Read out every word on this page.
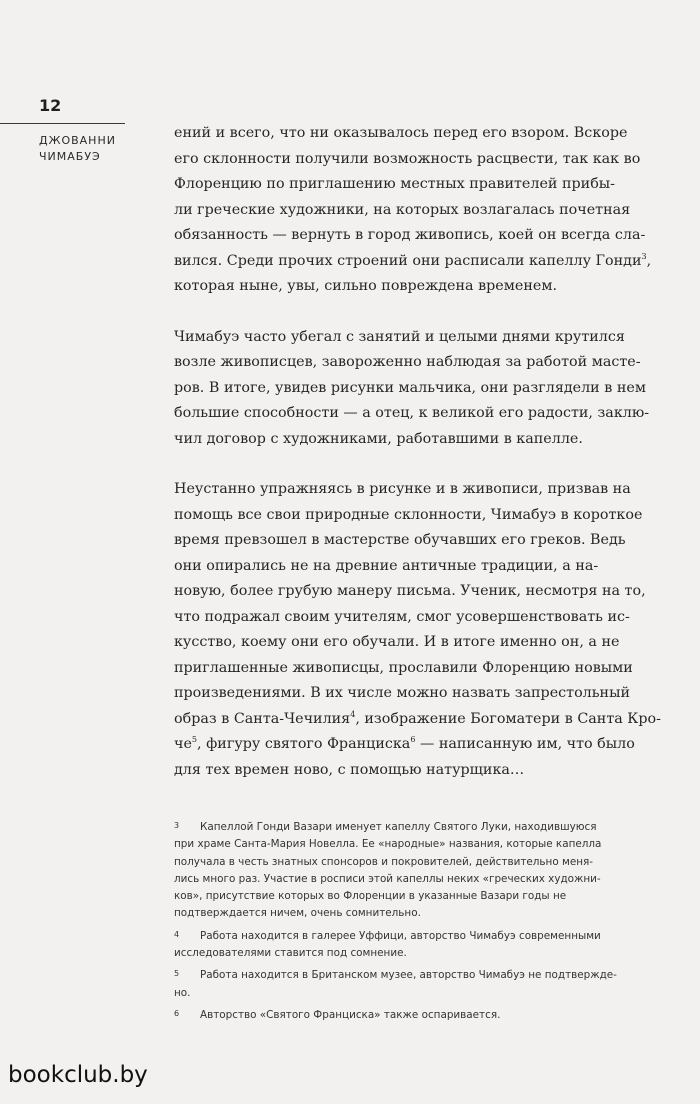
12
ДЖОВАННИ
ЧИМАБУЭ

ений и всего, что ни оказывалось перед его взором. Вскоре
его склонности получили возможность расцвести, так как во
Флоренцию по приглашению местных правителей прибы-
ли греческие художники, на которых возлагалась почетная
обязанность — вернуть в город живопись, коей он всегда сла-
вился. Среди прочих строений они расписали капеллу Гонди$^3$,
которая ныне, увы, сильно повреждена временем.

Чимабуэ часто убегал с занятий и целыми днями крутился
возле живописцев, завороженно наблюдая за работой масте-
ров. В итоге, увидев рисунки мальчика, они разглядели в нем
большие способности — а отец, к великой его радости, заклю-
чил договор с художниками, работавшими в капелле.

Неустанно упражняясь в рисунке и в живописи, призвав на
помощь все свои природные склонности, Чимабуэ в короткое
время превзошел в мастерстве обучавших его греков. Ведь
они опирались не на древние античные традиции, а на-
новую, более грубую манеру письма. Ученик, несмотря на то,
что подражал своим учителям, смог усовершенствовать ис-
кусство, коему они его обучали. И в итоге именно он, а не
приглашенные живописцы, прославили Флоренцию новыми
произведениями. В их числе можно назвать запрестольный
образ в Санта-Чечилия$^4$, изображение Богоматери в Санта Кро-
$че^5$, фигуру святого Франциска$^6$ — написанную им, что было
для тех времен ново, с помощью натурщика…

3	Капеллой Гонди Вазари именует капеллу Святого Луки, находившуюся
при храме Санта-Мария Новелла. Ее «народные» названия, которые капелла
получала в честь знатных спонсоров и покровителей, действительно меня-
лись много раз. Участие в росписи этой капеллы неких «греческих художни-
ков», присутствие которых во Флоренции в указанные Вазари годы не
подтверждается ничем, очень сомнительно.
4	Работа находится в галерее Уффици, авторство Чимабуэ современными
исследователями ставится под сомнение.
5	Работа находится в Британском музее, авторство Чимабуэ не подтвержде-
но.
6	Авторство «Святого Франциска» также оспаривается.
bookclub.by
